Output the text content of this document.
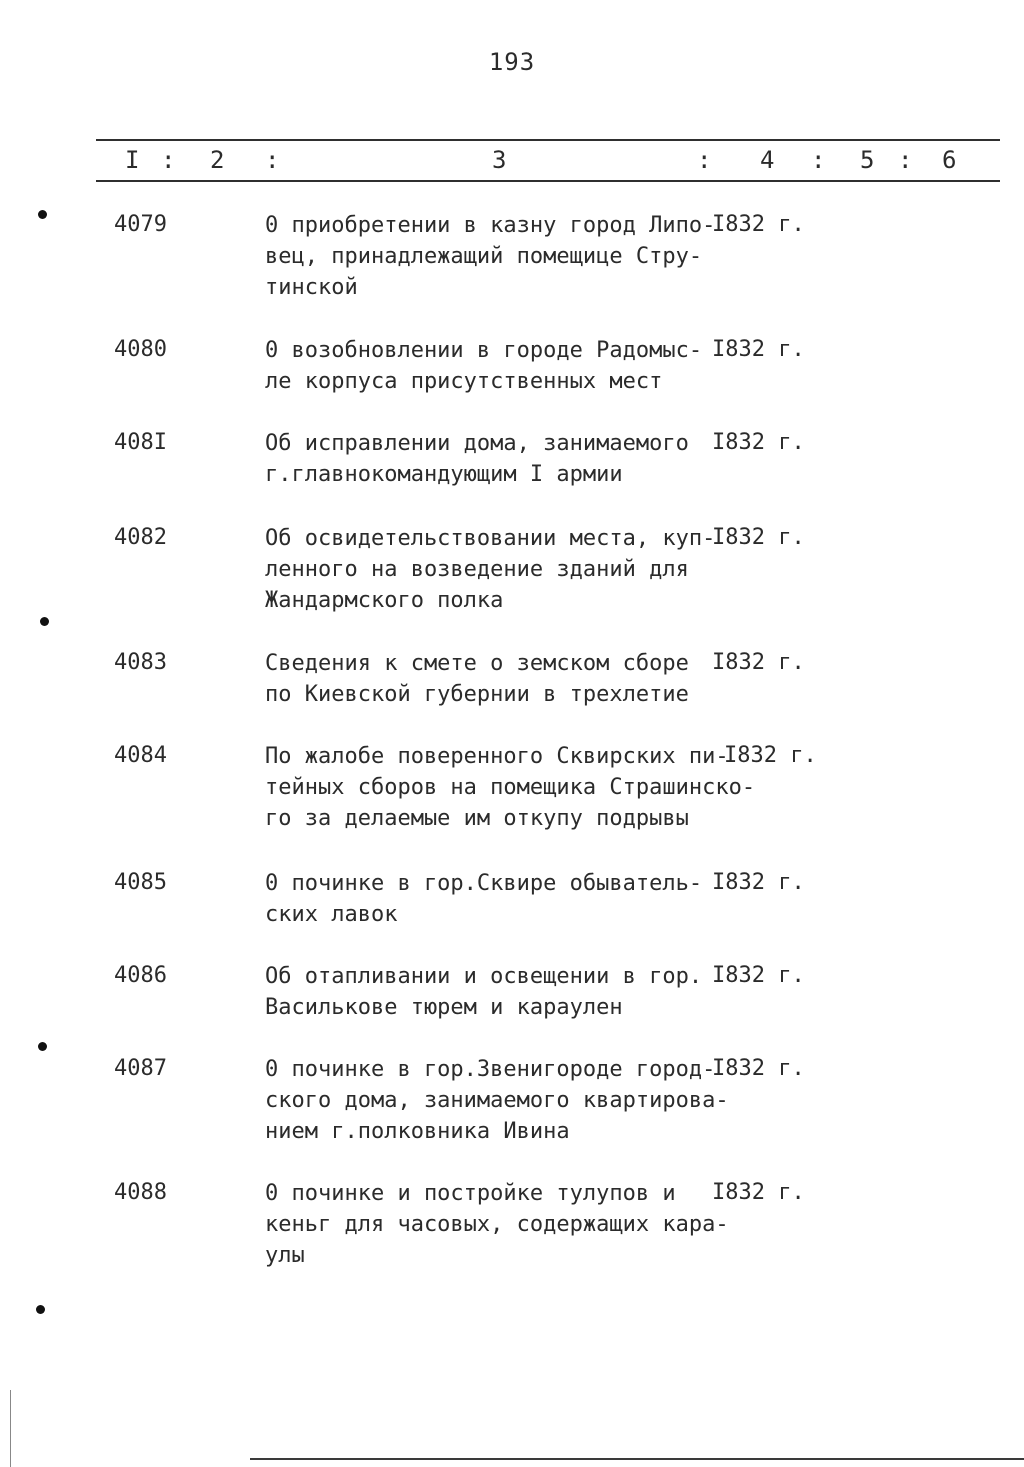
193
I : 2 :	3	: 4 : 5 : 6
4079	0 приобретении в казну город Липо-
вец, принадлежащий помещице Стру-
тинской
I832 г.
4080	0 возобновлении в городе Радомыс-
ле корпуса присутственных мест
I832 г.
408I	Об исправлении дома, занимаемого
г.главнокомандующим I армии
I832 г.
4082	Об освидетельствовании места, куп-
ленного на возведение зданий для
Жандармского полка
I832 г.
4083	Сведения к смете о земском сборе
по Киевской губернии в трехлетие
I832 г.
4084	По жалобе поверенного Сквирских пи-
тейных сборов на помещика Страшинско-
го за делаемые им откупу подрывы
I832 г.
4085	0 починке в гор.Сквире обыватель-
ских лавок
I832 г.
4086	Об отапливании и освещении в гор.
Василькове тюрем и караулен
I832 г.
4087	0 починке в гор.Звенигороде город-
ского дома, занимаемого квартирова-
нием г.полковника Ивина
I832 г.
4088	0 починке и постройке тулупов и
кеньг для часовых, содержащих кара-
улы
I832 г.
